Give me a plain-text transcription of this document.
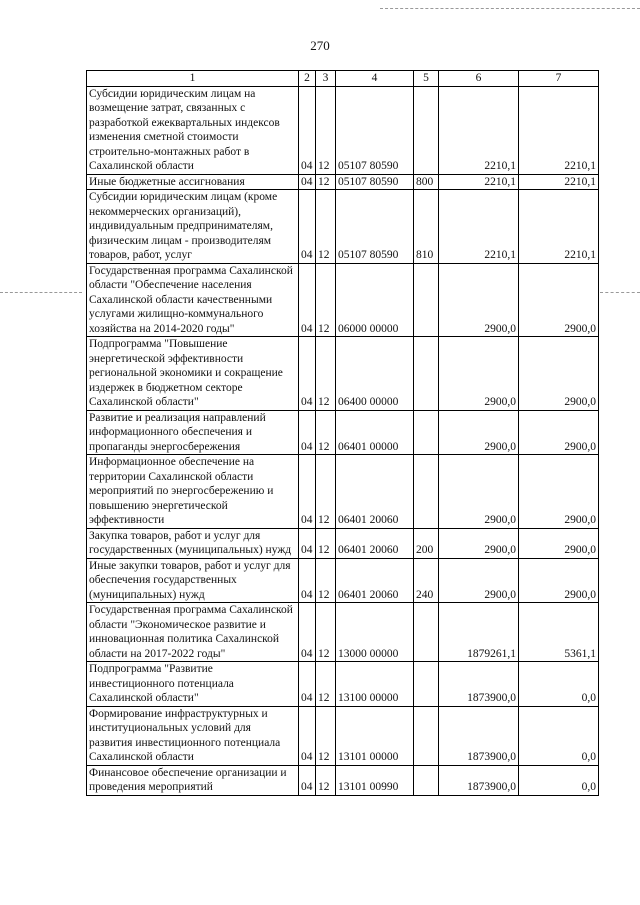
270
1	2	3	4	5	6	7
Субсидии юридическим лицам на возмещение затрат, связанных с разработкой ежеквартальных индексов изменения сметной стоимости строительно-монтажных работ в Сахалинской области	04	12	05107 80590		2210,1	2210,1
Иные бюджетные ассигнования	04	12	05107 80590	800	2210,1	2210,1
Субсидии юридическим лицам (кроме некоммерческих организаций), индивидуальным предпринимателям, физическим лицам - производителям товаров, работ, услуг	04	12	05107 80590	810	2210,1	2210,1
Государственная программа Сахалинской области "Обеспечение населения Сахалинской области качественными услугами жилищно-коммунального хозяйства на 2014-2020 годы"	04	12	06000 00000		2900,0	2900,0
Подпрограмма "Повышение энергетической эффективности региональной экономики и сокращение издержек в бюджетном секторе Сахалинской области"	04	12	06400 00000		2900,0	2900,0
Развитие и реализация направлений информационного обеспечения и пропаганды энергосбережения	04	12	06401 00000		2900,0	2900,0
Информационное обеспечение на территории Сахалинской области мероприятий по энергосбережению и повышению энергетической эффективности	04	12	06401 20060		2900,0	2900,0
Закупка товаров, работ и услуг для государственных (муниципальных) нужд	04	12	06401 20060	200	2900,0	2900,0
Иные закупки товаров, работ и услуг для обеспечения государственных (муниципальных) нужд	04	12	06401 20060	240	2900,0	2900,0
Государственная программа Сахалинской области "Экономическое развитие и инновационная политика Сахалинской области на 2017-2022 годы"	04	12	13000 00000		1879261,1	5361,1
Подпрограмма "Развитие инвестиционного потенциала Сахалинской области"	04	12	13100 00000		1873900,0	0,0
Формирование инфраструктурных и институциональных условий для развития инвестиционного потенциала Сахалинской области	04	12	13101 00000		1873900,0	0,0
Финансовое обеспечение организации и проведения мероприятий	04	12	13101 00990		1873900,0	0,0
